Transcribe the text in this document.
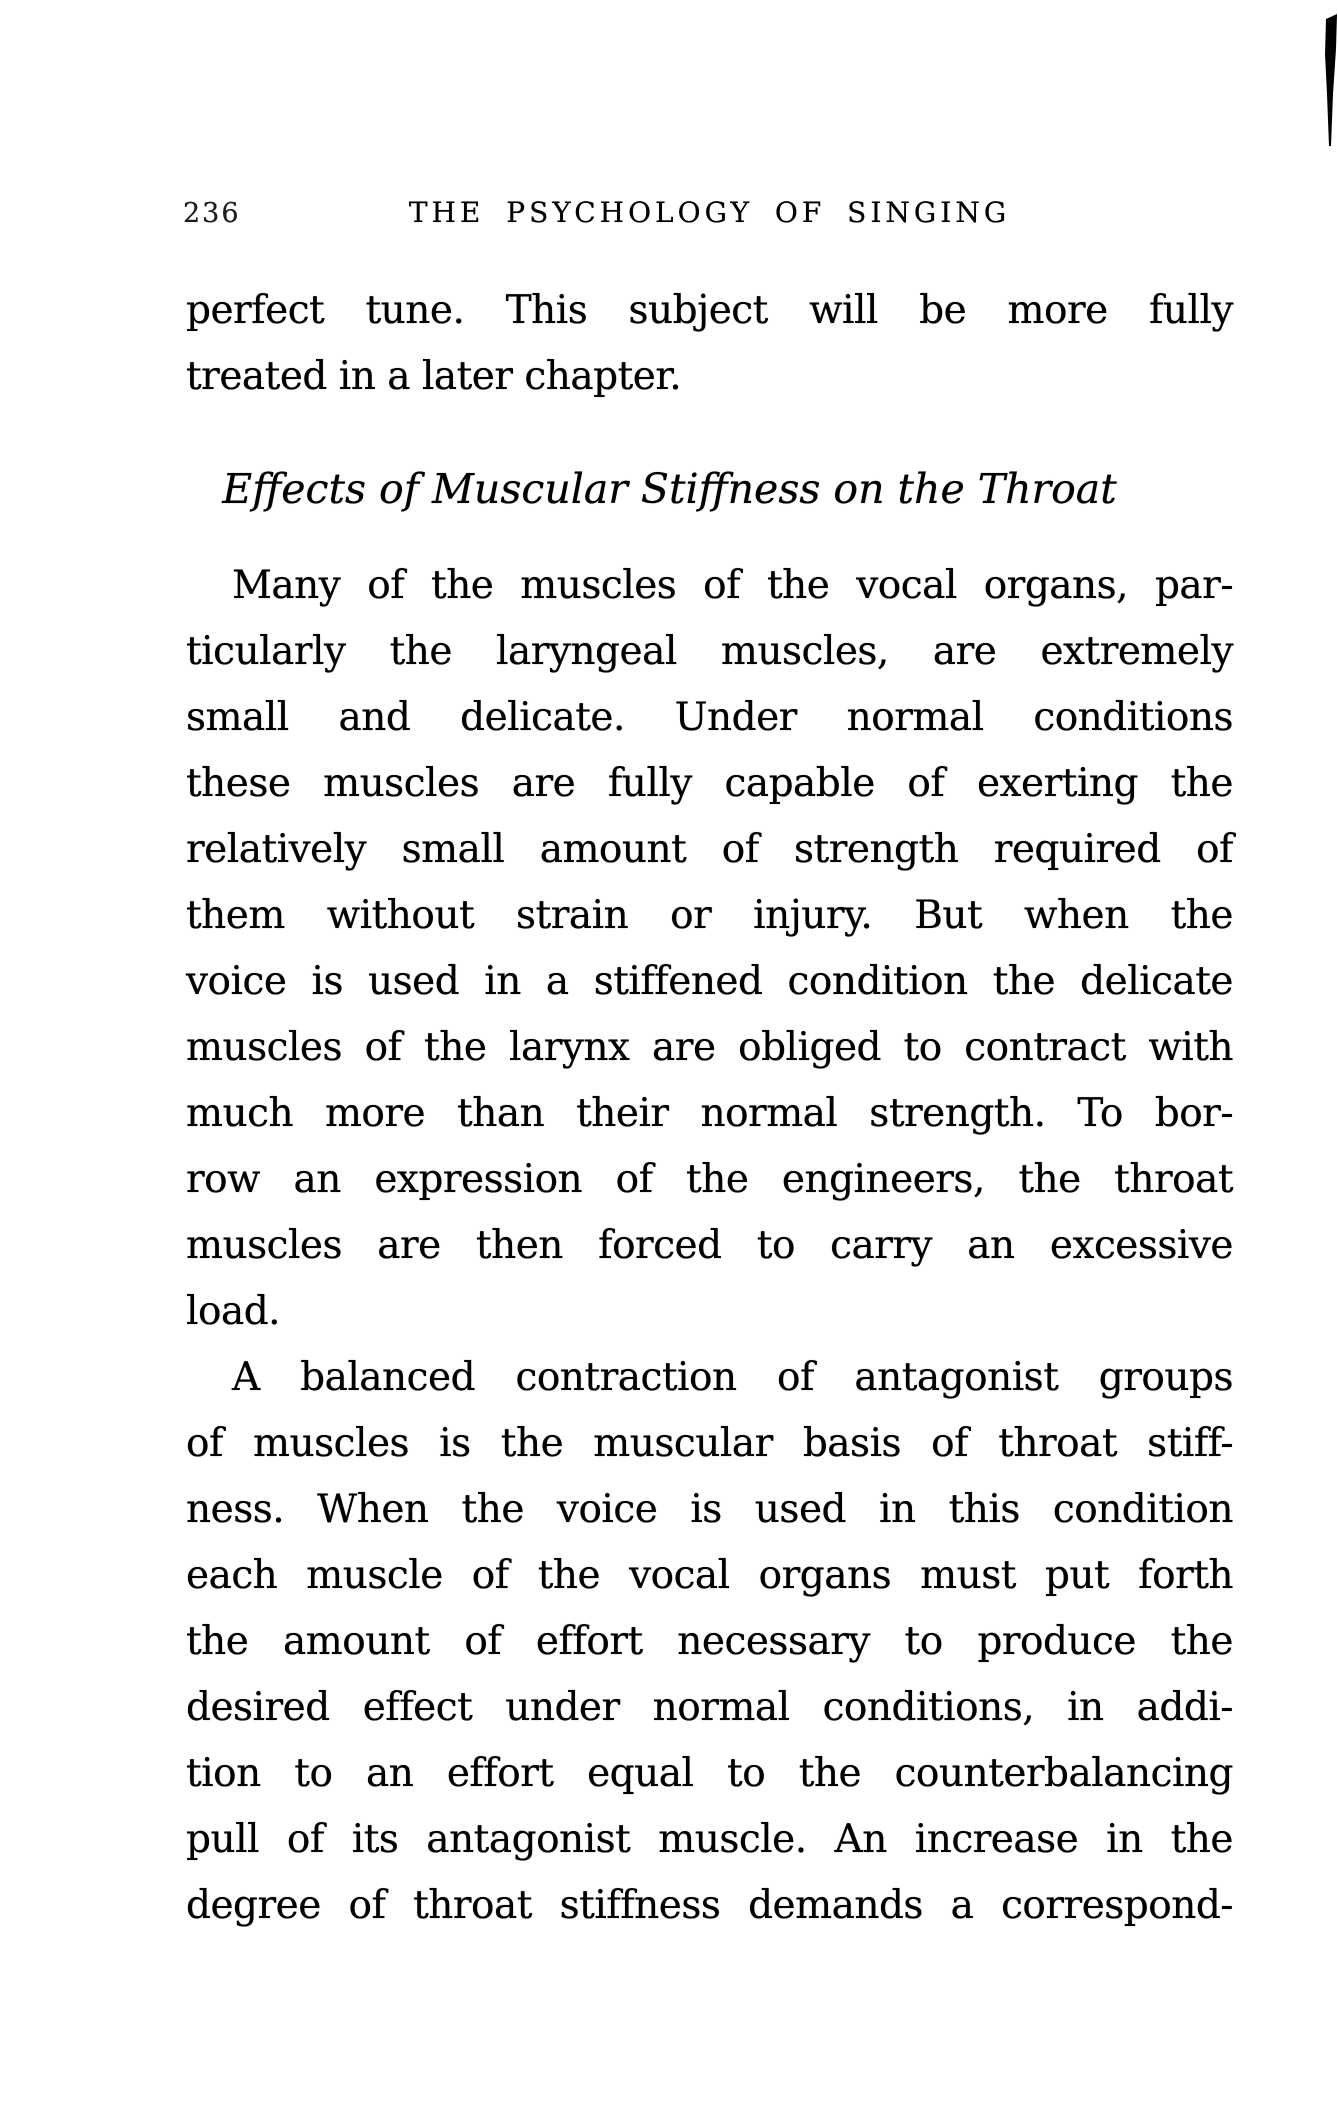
236	THE PSYCHOLOGY OF SINGING
perfect tune. This subject will be more fully
treated in a later chapter.
Effects of Muscular Stiffness on the Throat
Many of the muscles of the vocal organs, par-
ticularly the laryngeal muscles, are extremely
small and delicate. Under normal conditions
these muscles are fully capable of exerting the
relatively small amount of strength required of
them without strain or injury. But when the
voice is used in a stiffened condition the delicate
muscles of the larynx are obliged to contract with
much more than their normal strength. To bor-
row an expression of the engineers, the throat
muscles are then forced to carry an excessive
load.
A balanced contraction of antagonist groups
of muscles is the muscular basis of throat stiff-
ness. When the voice is used in this condition
each muscle of the vocal organs must put forth
the amount of effort necessary to produce the
desired effect under normal conditions, in addi-
tion to an effort equal to the counterbalancing
pull of its antagonist muscle. An increase in the
degree of throat stiffness demands a correspond-
